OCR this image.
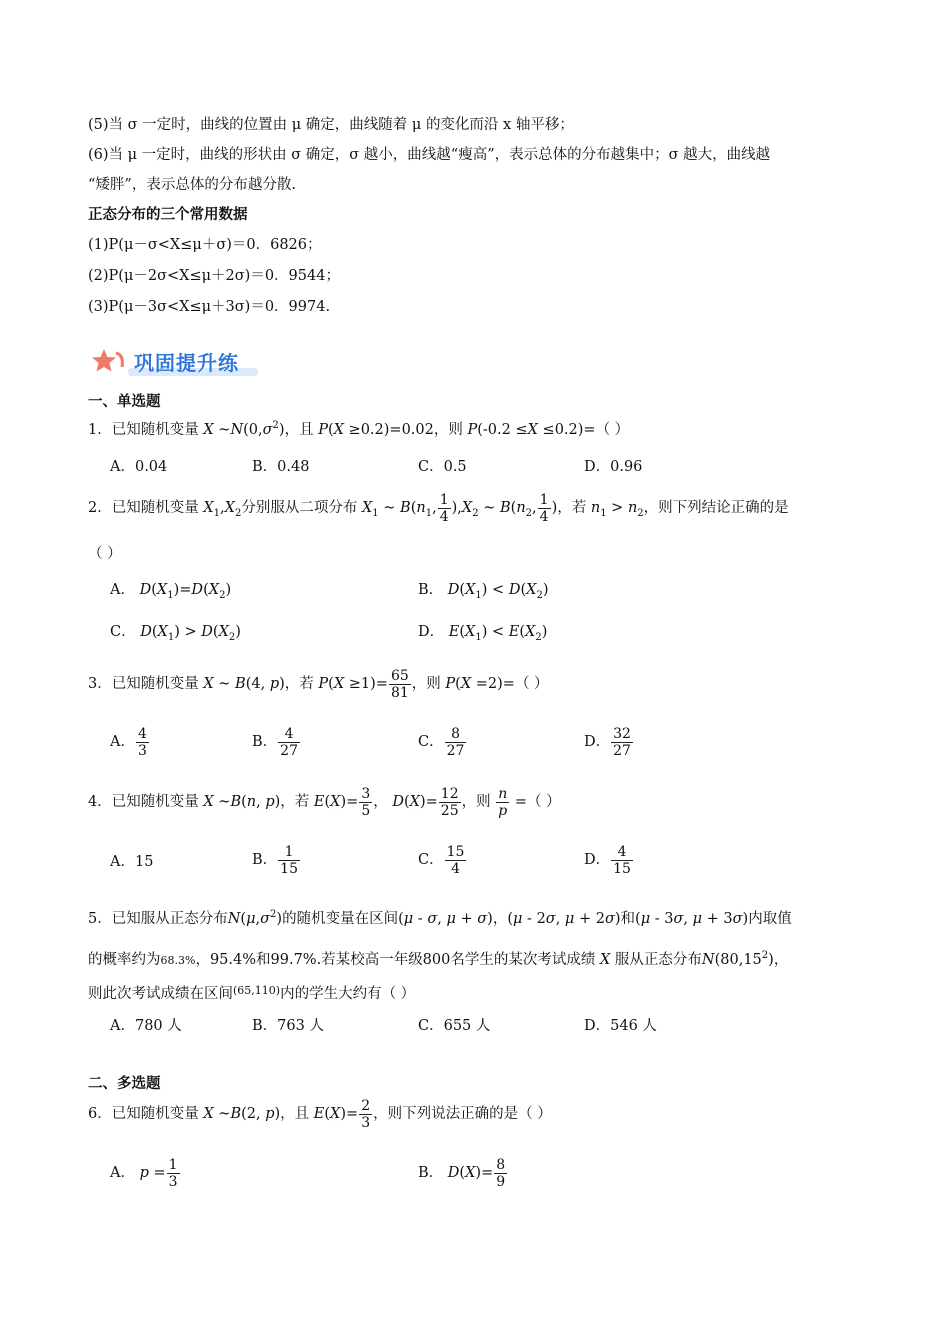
(5)当 σ 一定时，曲线的位置由 μ 确定，曲线随着 μ 的变化而沿 x 轴平移；
(6)当 μ 一定时，曲线的形状由 σ 确定，σ 越小，曲线越“瘦高”，表示总体的分布越集中；σ 越大，曲线越
“矮胖”，表示总体的分布越分散.
正态分布的三个常用数据
(1)P(μ－σ<X≤μ＋σ)＝0．6826；
(2)P(μ－2σ<X≤μ＋2σ)＝0．9544；
(3)P(μ－3σ<X≤μ＋3σ)＝0．9974.
巩固提升练
一、单选题
1．已知随机变量 X $\sim N(0,\sigma^2)$，且 P(X ≥0.2)=0.02，则 P(-0.2 ≤X ≤0.2)=（ ）
A．0.04	B．0.48	C．0.5	D．0.96
2．已知随机变量 $X_1,X_2$分别服从二项分布 $X_1$ ~ $B(n_1$, $\frac{1}{4} ),X_2$ ~ $B(n_2$, $\frac{1}{4}$ )，若 $n_1 > n_2$，则下列结论正确的是
（ ）
A． $D(X_1)=D(X_2)$	B． $D(X_1) < D(X_2)$
C． $D(X_1) > D(X_2)$	D． $E(X_1) < E(X_2)$
3．已知随机变量 X ~ B(4, p)，若 $P(X \ge 1)= \frac{65}{81}$ ，则 P(X =2)=（ ）
A． $\frac{4}{3}$	B． $\frac{4}{27}$	C． $\frac{8}{27}$	D． $\frac{32}{27}$
4．已知随机变量 X ~B(n, p)，若 $E(X)= \frac{3}{5}$ ， $D(X)= \frac{12}{25}$ ，则 $\frac{n}{p}$ =（ ）
A．15	B． $\frac{1}{15}$	C． $\frac{15}{4}$	D． $\frac{4}{15}$
5．已知服从正态分布$N(\mu,\sigma^2)$的随机变量在区间(μ - σ, μ + σ)，(μ - 2σ, μ + 2σ)和(μ - 3σ, μ + 3σ)内取值
的概率约为68.3%，95.4%和99.7%.若某校高一年级800名学生的某次考试成绩 X 服从正态分布N(80,15$^2$)，
则此次考试成绩在区间$^{(65,110)}$内的学生大约有（ ）
A．780 人	B．763 人	C．655 人	D．546 人
二、多选题
6．已知随机变量 X ~B(2, p)，且 $E(X)= \frac{2}{3}$ ，则下列说法正确的是（ ）
A． $p = \frac{1}{3}$	B． $D(X)= \frac{8}{9}$
